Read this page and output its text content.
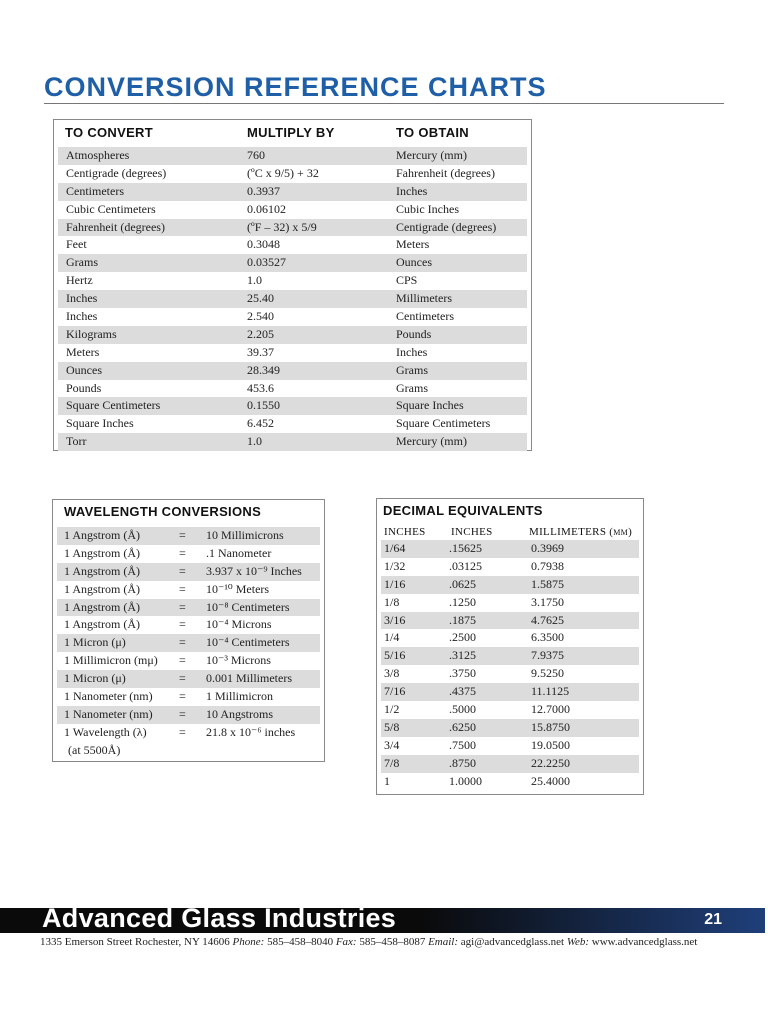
CONVERSION REFERENCE CHARTS
TO CONVERT	MULTIPLY BY	TO OBTAIN
Atmospheres	760	Mercury (mm)
Centigrade (degrees)	(ºC x 9/5) + 32	Fahrenheit (degrees)
Centimeters	0.3937	Inches
Cubic Centimeters	0.06102	Cubic Inches
Fahrenheit (degrees)	(ºF – 32) x 5/9	Centigrade (degrees)
Feet	0.3048	Meters
Grams	0.03527	Ounces
Hertz	1.0	CPS
Inches	25.40	Millimeters
Inches	2.540	Centimeters
Kilograms	2.205	Pounds
Meters	39.37	Inches
Ounces	28.349	Grams
Pounds	453.6	Grams
Square Centimeters	0.1550	Square Inches
Square Inches	6.452	Square Centimeters
Torr	1.0	Mercury (mm)
WAVELENGTH CONVERSIONS
1 Angstrom (Å)	= 10 Millimicrons
1 Angstrom (Å)	= .1 Nanometer
1 Angstrom (Å)	= 3.937 x 10⁻⁹ Inches
1 Angstrom (Å)	= 10⁻¹⁰ Meters
1 Angstrom (Å)	= 10⁻⁸ Centimeters
1 Angstrom (Å)	= 10⁻⁴ Microns
1 Micron (μ)	= 10⁻⁴ Centimeters
1 Millimicron (mμ) = 10⁻³ Microns
1 Micron (μ)	= 0.001 Millimeters
1 Nanometer (nm) = 1 Millimicron
1 Nanometer (nm) = 10 Angstroms
1 Wavelength (λ)	= 21.8 x 10⁻⁶ inches
(at 5500Å)
DECIMAL EQUIVALENTS
INCHES INCHES	MILLIMETERS (mm)
1/64	.15625	0.3969
1/32	.03125	0.7938
1/16	.0625	1.5875
1/8	.1250	3.1750
3/16	.1875	4.7625
1/4	.2500	6.3500
5/16	.3125	7.9375
3/8	.3750	9.5250
7/16	.4375	11.1125
1/2	.5000	12.7000
5/8	.6250	15.8750
3/4	.7500	19.0500
7/8	.8750	22.2250
1	1.0000	25.4000
Advanced Glass Industries	21
1335 Emerson Street Rochester, NY 14606 Phone: 585–458–8040 Fax: 585–458–8087 Email: agi@advancedglass.net Web: www.advancedglass.net
